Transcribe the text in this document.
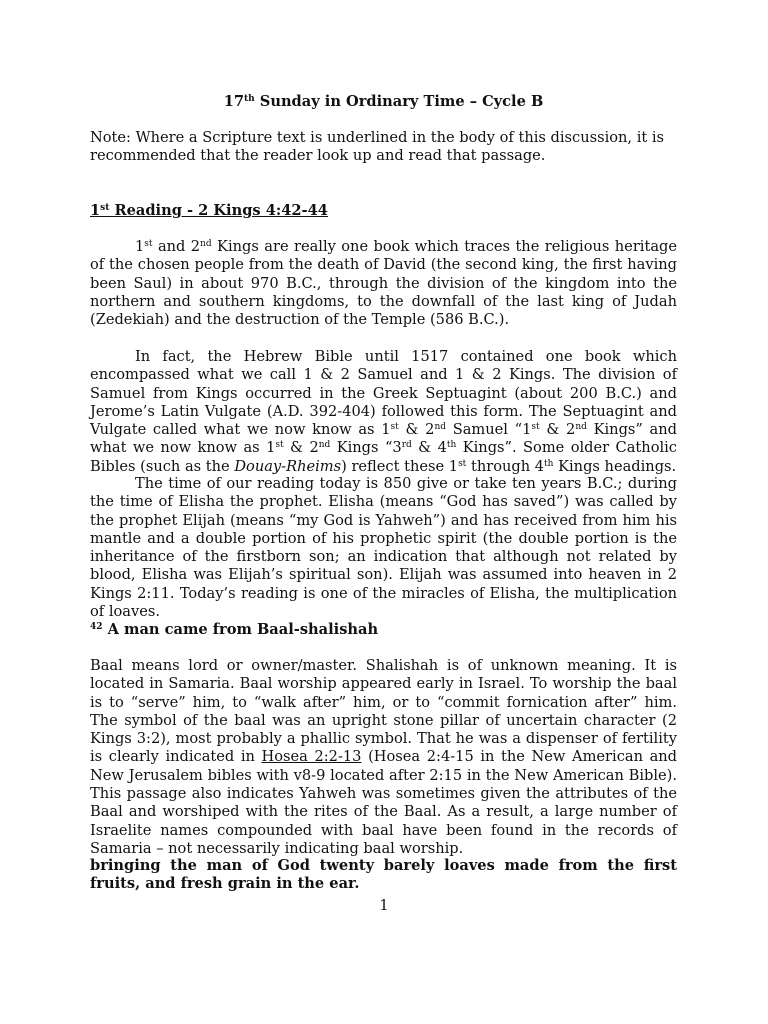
17th Sunday in Ordinary Time – Cycle B
Note: Where a Scripture text is underlined in the body of this discussion, it is recommended that the reader look up and read that passage.
1st Reading - 2 Kings 4:42-44
1st and 2nd Kings are really one book which traces the religious heritage of the chosen people from the death of David (the second king, the first having been Saul) in about 970 B.C., through the division of the kingdom into the northern and southern kingdoms, to the downfall of the last king of Judah (Zedekiah) and the destruction of the Temple (586 B.C.).
In fact, the Hebrew Bible until 1517 contained one book which encompassed what we call 1 & 2 Samuel and 1 & 2 Kings. The division of Samuel from Kings occurred in the Greek Septuagint (about 200 B.C.) and Jerome’s Latin Vulgate (A.D. 392-404) followed this form. The Septuagint and Vulgate called what we now know as 1st & 2nd Samuel “1st & 2nd Kings” and what we now know as 1st & 2nd Kings “3rd & 4th Kings”. Some older Catholic Bibles (such as the Douay-Rheims) reflect these 1st through 4th Kings headings.
The time of our reading today is 850 give or take ten years B.C.; during the time of Elisha the prophet. Elisha (means “God has saved”) was called by the prophet Elijah (means “my God is Yahweh”) and has received from him his mantle and a double portion of his prophetic spirit (the double portion is the inheritance of the firstborn son; an indication that although not related by blood, Elisha was Elijah’s spiritual son). Elijah was assumed into heaven in 2 Kings 2:11. Today’s reading is one of the miracles of Elisha, the multiplication of loaves.
$^{42}$ A man came from Baal-shalishah
Baal means lord or owner/master. Shalishah is of unknown meaning. It is located in Samaria. Baal worship appeared early in Israel. To worship the baal is to “serve” him, to “walk after” him, or to “commit fornication after” him. The symbol of the baal was an upright stone pillar of uncertain character (2 Kings 3:2), most probably a phallic symbol. That he was a dispenser of fertility is clearly indicated in Hosea 2:2-13 (Hosea 2:4-15 in the New American and New Jerusalem bibles with v8-9 located after 2:15 in the New American Bible). This passage also indicates Yahweh was sometimes given the attributes of the Baal and worshiped with the rites of the Baal. As a result, a large number of Israelite names compounded with baal have been found in the records of Samaria – not necessarily indicating baal worship.
bringing the man of God twenty barely loaves made from the first fruits, and fresh grain in the ear.
1
